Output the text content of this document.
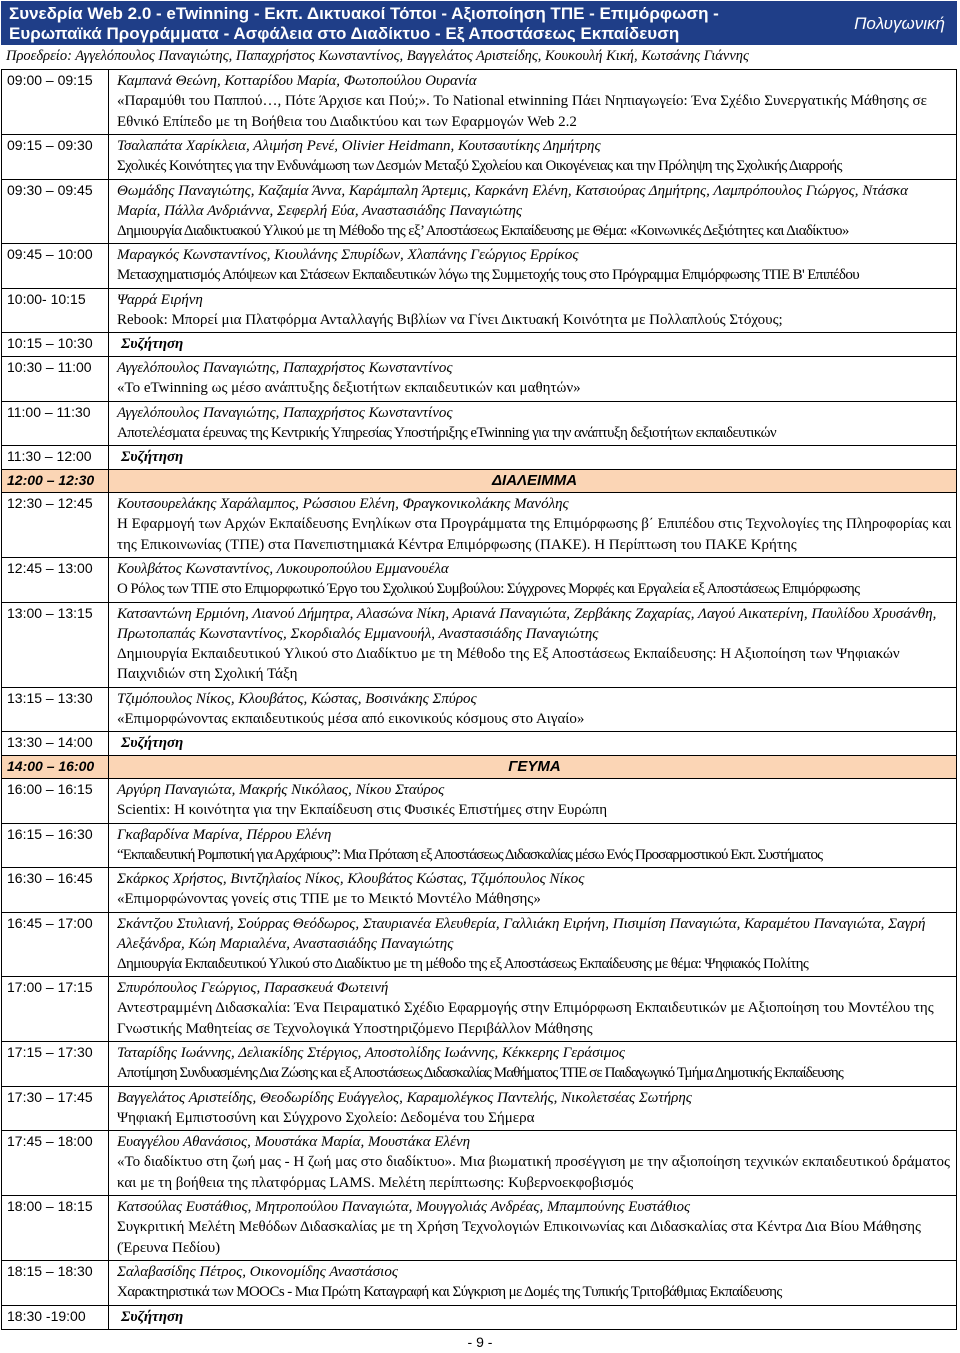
Συνεδρία Web 2.0 - eTwinning - Εκπ. Δικτυακοί Τόποι - Αξιοποίηση ΤΠΕ - Επιμόρφωση -
Ευρωπαϊκά Προγράμματα - Ασφάλεια στο Διαδίκτυο - Εξ Αποστάσεως Εκπαίδευση
Πολυγωνική
Προεδρείο: Αγγελόπουλος Παναγιώτης, Παπαχρήστος Κωνσταντίνος, Βαγγελάτος Αριστείδης, Κουκουλή Κική, Κωτσάνης Γιάννης
09:00 – 09:15	Καμπανά Θεώνη, Κοτταρίδου Μαρία, Φωτοπούλου Ουρανία
«Παραμύθι του Παππού…, Πότε Άρχισε και Πού;». Το National etwinning Πάει Νηπιαγωγείο: Ένα Σχέδιο Συνεργατικής Μάθησης σε Εθνικό Επίπεδο με τη Βοήθεια του Διαδικτύου και των Εφαρμογών Web 2.2

09:15 – 09:30	Τσαλαπάτα Χαρίκλεια, Αλιμήση Ρενέ, Olivier Heidmann, Κουτσαυτίκης Δημήτρης
Σχολικές Κοινότητες για την Ενδυνάμωση των Δεσμών Μεταξύ Σχολείου και Οικογένειας και την Πρόληψη της Σχολικής Διαρροής

09:30 – 09:45	Θωμάδης Παναγιώτης, Καζαμία Άννα, Καράμπαλη Άρτεμις, Καρκάνη Ελένη, Κατσιούρας Δημήτρης, Λαμπρόπουλος Γιώργος, Ντάσκα Μαρία, Πάλλα Ανδριάννα, Σεφερλή Εύα, Αναστασιάδης Παναγιώτης
Δημιουργία Διαδικτυακού Υλικού με τη Μέθοδο της εξ’ Αποστάσεως Εκπαίδευσης με Θέμα: «Κοινωνικές Δεξιότητες και Διαδίκτυο»

09:45 – 10:00	Μαραγκός Κωνσταντίνος, Κιουλάνης Σπυρίδων, Χλαπάνης Γεώργιος Ερρίκος
Μετασχηματισμός Απόψεων και Στάσεων Εκπαιδευτικών λόγω της Συμμετοχής τους στο Πρόγραμμα Επιμόρφωσης ΤΠΕ Β' Επιπέδου

10:00- 10:15	Ψαρρά Ειρήνη
Rebook: Μπορεί μια Πλατφόρμα Ανταλλαγής Βιβλίων να Γίνει Δικτυακή Κοινότητα με Πολλαπλούς Στόχους;

10:15 – 10:30	Συζήτηση

10:30 – 11:00	Αγγελόπουλος Παναγιώτης, Παπαχρήστος Κωνσταντίνος
«Το eTwinning ως μέσο ανάπτυξης δεξιοτήτων εκπαιδευτικών και μαθητών»

11:00 – 11:30	Αγγελόπουλος Παναγιώτης, Παπαχρήστος Κωνσταντίνος
Αποτελέσματα έρευνας της Κεντρικής Υπηρεσίας Υποστήριξης eTwinning για την ανάπτυξη δεξιοτήτων εκπαιδευτικών

11:30 – 12:00	Συζήτηση

12:00 – 12:30	ΔΙΑΛΕΙΜΜΑ

12:30 – 12:45	Κουτσουρελάκης Χαράλαμπος, Ρώσσιου Ελένη, Φραγκονικολάκης Μανόλης
Η Εφαρμογή των Αρχών Εκπαίδευσης Ενηλίκων στα Προγράμματα της Επιμόρφωσης β΄ Επιπέδου στις Τεχνολογίες της Πληροφορίας και της Επικοινωνίας (ΤΠΕ) στα Πανεπιστημιακά Κέντρα Επιμόρφωσης (ΠΑΚΕ). Η Περίπτωση του ΠΑΚΕ Κρήτης

12:45 – 13:00	Κουλβάτος Κωνσταντίνος, Λυκουροπούλου Εμμανουέλα
Ο Ρόλος των ΤΠΕ στο Επιμορφωτικό Έργο του Σχολικού Συμβούλου: Σύγχρονες Μορφές και Εργαλεία εξ Αποστάσεως Επιμόρφωσης

13:00 – 13:15	Κατσαντώνη Ερμιόνη, Λιανού Δήμητρα, Αλασώνα Νίκη, Αριανά Παναγιώτα, Ζερβάκης Ζαχαρίας, Λαγού Αικατερίνη, Παυλίδου Χρυσάνθη, Πρωτοπαπάς Κωνσταντίνος, Σκορδιαλός Εμμανουήλ, Αναστασιάδης Παναγιώτης
Δημιουργία Εκπαιδευτικού Υλικού στο Διαδίκτυο με τη Μέθοδο της Εξ Αποστάσεως Εκπαίδευσης: Η Αξιοποίηση των Ψηφιακών Παιχνιδιών στη Σχολική Τάξη

13:15 – 13:30	Τζιμόπουλος Νίκος, Κλουβάτος, Κώστας, Βοσινάκης Σπύρος
«Επιμορφώνοντας εκπαιδευτικούς μέσα από εικονικούς κόσμους στο Αιγαίο»

13:30 – 14:00	Συζήτηση

14:00 – 16:00	ΓΕΥΜΑ

16:00 – 16:15	Αργύρη Παναγιώτα, Μακρής Νικόλαος, Νίκου Σταύρος
Scientix: Η κοινότητα για την Εκπαίδευση στις Φυσικές Επιστήμες στην Ευρώπη

16:15 – 16:30	Γκαβαρδίνα Μαρίνα, Πέρρου Ελένη
“Εκπαιδευτική Ρομποτική για Αρχάριους”: Μια Πρόταση εξ Αποστάσεως Διδασκαλίας μέσω Ενός Προσαρμοστικού Εκπ. Συστήματος

16:30 – 16:45	Σκάρκος Χρήστος, Βιντζηλαίος Νίκος, Κλουβάτος Κώστας, Τζιμόπουλος Νίκος
«Επιμορφώνοντας γονείς στις ΤΠΕ με το Μεικτό Μοντέλο Μάθησης»

16:45 – 17:00	Σκάντζου Στυλιανή, Σούρρας Θεόδωρος, Σταυριανέα Ελευθερία, Γαλλιάκη Ειρήνη, Πισιμίση Παναγιώτα, Καραμέτου Παναγιώτα, Σαγρή Αλεξάνδρα, Κώη Μαριαλένα, Αναστασιάδης Παναγιώτης
Δημιουργία Εκπαιδευτικού Υλικού στο Διαδίκτυο με τη μέθοδο της εξ Αποστάσεως Εκπαίδευσης με θέμα: Ψηφιακός Πολίτης

17:00 – 17:15	Σπυρόπουλος Γεώργιος, Παρασκευά Φωτεινή
Αντεστραμμένη Διδασκαλία: Ένα Πειραματικό Σχέδιο Εφαρμογής στην Επιμόρφωση Εκπαιδευτικών με Αξιοποίηση του Μοντέλου της Γνωστικής Μαθητείας σε Τεχνολογικά Υποστηριζόμενο Περιβάλλον Μάθησης

17:15 – 17:30	Ταταρίδης Ιωάννης, Δελιακίδης Στέργιος, Αποστολίδης Ιωάννης, Κέκκερης Γεράσιμος
Αποτίμηση Συνδυασμένης Δια Ζώσης και εξ Αποστάσεως Διδασκαλίας Μαθήματος ΤΠΕ σε Παιδαγωγικό Τμήμα Δημοτικής Εκπαίδευσης

17:30 – 17:45	Βαγγελάτος Αριστείδης, Θεοδωρίδης Ευάγγελος, Καραμολέγκος Παντελής, Νικολετσέας Σωτήρης
Ψηφιακή Εμπιστοσύνη και Σύγχρονο Σχολείο: Δεδομένα του Σήμερα

17:45 – 18:00	Ευαγγέλου Αθανάσιος, Μουστάκα Μαρία, Μουστάκα Ελένη
«Το διαδίκτυο στη ζωή μας - Η ζωή μας στο διαδίκτυο». Μια βιωματική προσέγγιση με την αξιοποίηση τεχνικών εκπαιδευτικού δράματος και με τη βοήθεια της πλατφόρμας LAMS. Μελέτη περίπτωσης: Κυβερνοεκφοβισμός

18:00 – 18:15	Κατσούλας Ευστάθιος, Μητροπούλου Παναγιώτα, Μουγγολιάς Ανδρέας, Μπαμπούνης Ευστάθιος
Συγκριτική Μελέτη Μεθόδων Διδασκαλίας με τη Χρήση Τεχνολογιών Επικοινωνίας και Διδασκαλίας στα Κέντρα Δια Βίου Μάθησης (Έρευνα Πεδίου)

18:15 – 18:30	Σαλαβασίδης Πέτρος, Οικονομίδης Αναστάσιος
Χαρακτηριστικά των MOOCs - Μια Πρώτη Καταγραφή και Σύγκριση με Δομές της Τυπικής Τριτοβάθμιας Εκπαίδευσης

18:30 -19:00	Συζήτηση
- 9 -
